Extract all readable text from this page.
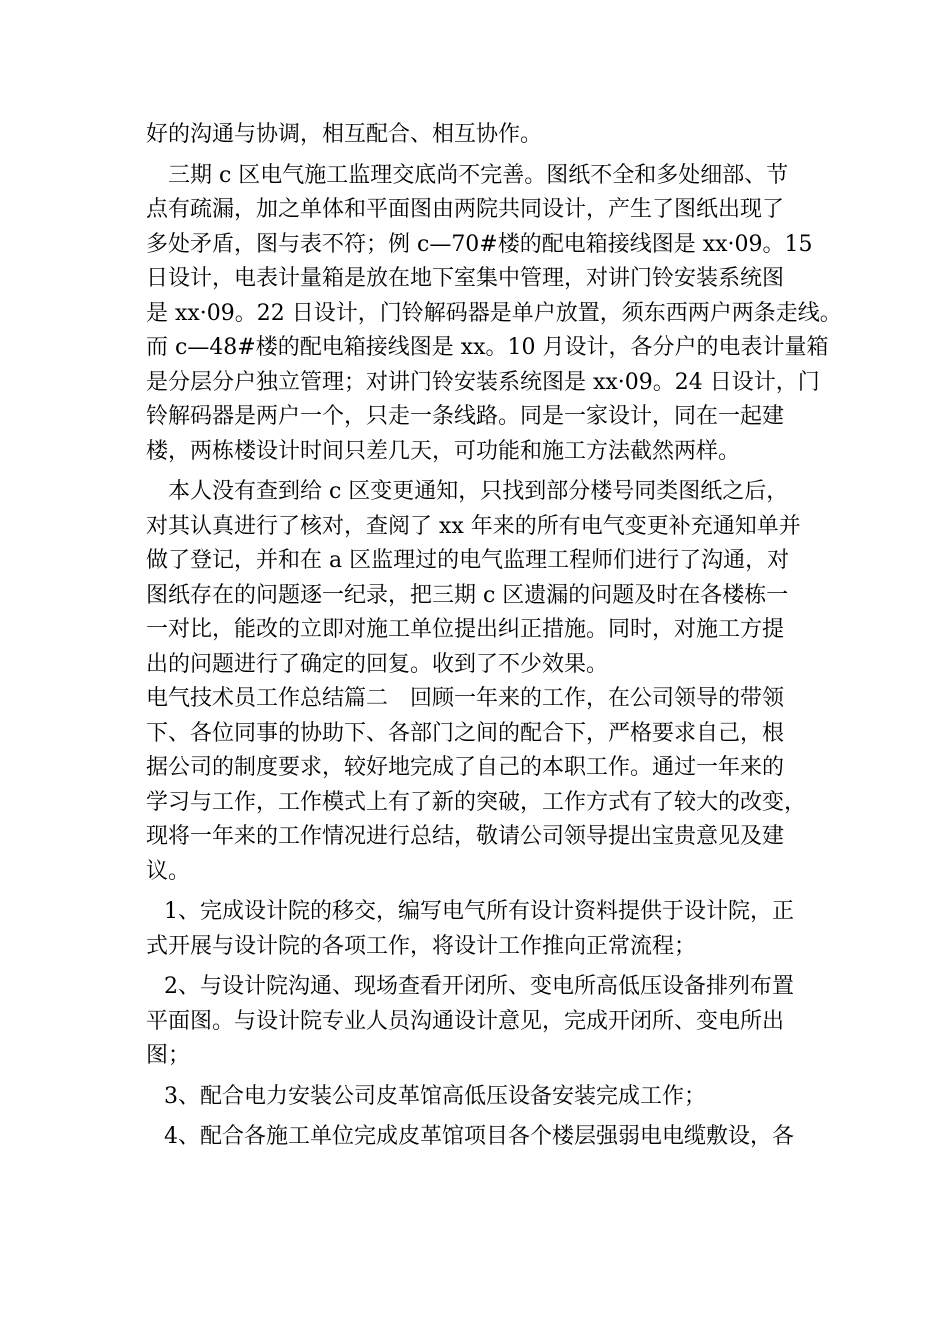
好的沟通与协调，相互配合、相互协作。
三期 c 区电气施工监理交底尚不完善。图纸不全和多处细部、节
点有疏漏，加之单体和平面图由两院共同设计，产生了图纸出现了
多处矛盾，图与表不符；例 c—70#楼的配电箱接线图是 xx·09。15
日设计，电表计量箱是放在地下室集中管理，对讲门铃安装系统图
是 xx·09。22 日设计，门铃解码器是单户放置，须东西两户两条走线。
而 c—48#楼的配电箱接线图是 xx。10 月设计，各分户的电表计量箱
是分层分户独立管理；对讲门铃安装系统图是 xx·09。24 日设计，门
铃解码器是两户一个，只走一条线路。同是一家设计，同在一起建
楼，两栋楼设计时间只差几天，可功能和施工方法截然两样。
本人没有查到给 c 区变更通知，只找到部分楼号同类图纸之后，
对其认真进行了核对，查阅了 xx 年来的所有电气变更补充通知单并
做了登记，并和在 a 区监理过的电气监理工程师们进行了沟通，对
图纸存在的问题逐一纪录，把三期 c 区遗漏的问题及时在各楼栋一
一对比，能改的立即对施工单位提出纠正措施。同时，对施工方提
出的问题进行了确定的回复。收到了不少效果。
电气技术员工作总结篇二　回顾一年来的工作，在公司领导的带领
下、各位同事的协助下、各部门之间的配合下，严格要求自己，根
据公司的制度要求，较好地完成了自己的本职工作。通过一年来的
学习与工作，工作模式上有了新的突破，工作方式有了较大的改变，
现将一年来的工作情况进行总结，敬请公司领导提出宝贵意见及建
议。
1、完成设计院的移交，编写电气所有设计资料提供于设计院，正
式开展与设计院的各项工作，将设计工作推向正常流程；
2、与设计院沟通、现场查看开闭所、变电所高低压设备排列布置
平面图。与设计院专业人员沟通设计意见，完成开闭所、变电所出
图；
3、配合电力安装公司皮革馆高低压设备安装完成工作；
4、配合各施工单位完成皮革馆项目各个楼层强弱电电缆敷设，各
